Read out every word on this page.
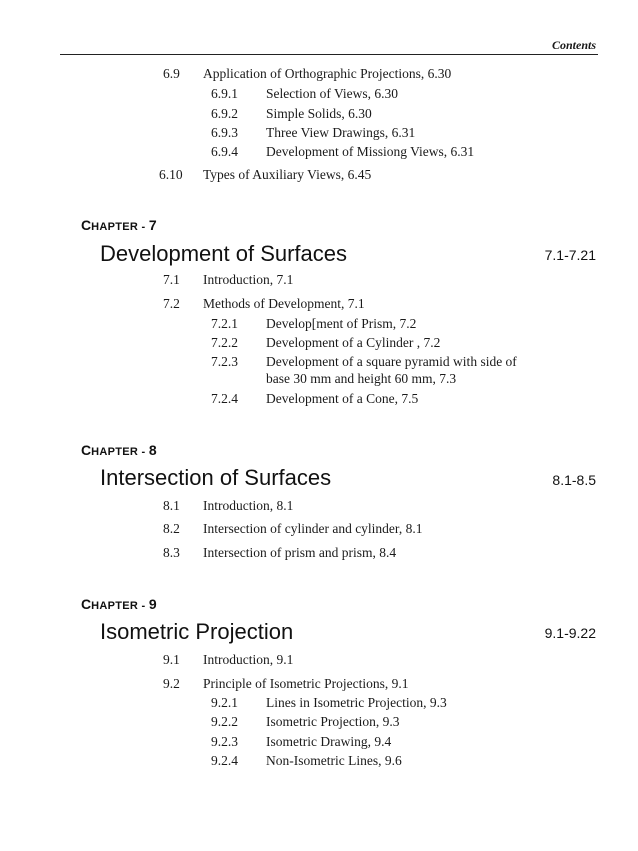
Contents
6.9 Application of Orthographic Projections, 6.30
6.9.1 Selection of Views, 6.30
6.9.2 Simple Solids, 6.30
6.9.3 Three View Drawings, 6.31
6.9.4 Development of Missiong Views, 6.31
6.10 Types of Auxiliary Views, 6.45
CHAPTER - 7
Development of Surfaces	7.1-7.21
7.1 Introduction, 7.1
7.2 Methods of Development, 7.1
7.2.1 Develop[ment of Prism, 7.2
7.2.2 Development of a Cylinder , 7.2
7.2.3 Development of a square pyramid with side of
base 30 mm and height 60 mm, 7.3
7.2.4 Development of a Cone, 7.5
CHAPTER - 8
Intersection of Surfaces	8.1-8.5
8.1 Introduction, 8.1
8.2 Intersection of cylinder and cylinder, 8.1
8.3 Intersection of prism and prism, 8.4
CHAPTER - 9
Isometric Projection	9.1-9.22
9.1 Introduction, 9.1
9.2 Principle of Isometric Projections, 9.1
9.2.1 Lines in Isometric Projection, 9.3
9.2.2 Isometric Projection, 9.3
9.2.3 Isometric Drawing, 9.4
9.2.4 Non-Isometric Lines, 9.6
